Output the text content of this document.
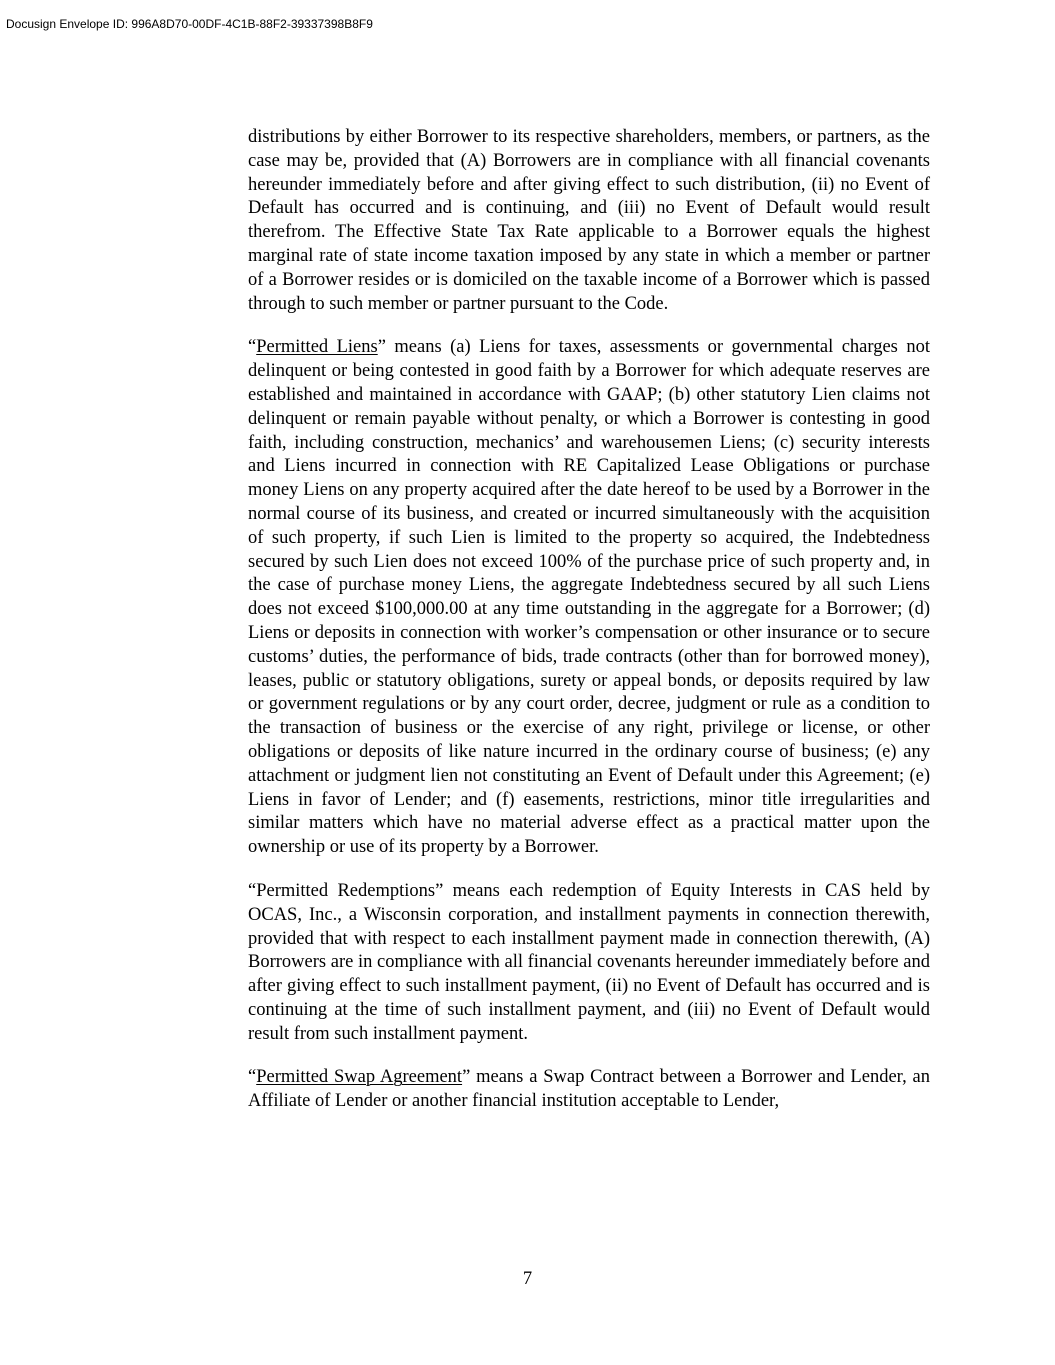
Docusign Envelope ID: 996A8D70-00DF-4C1B-88F2-39337398B8F9

distributions by either Borrower to its respective shareholders, members, or partners, as the case may be, provided that (A) Borrowers are in compliance with all financial covenants hereunder immediately before and after giving effect to such distribution, (ii) no Event of Default has occurred and is continuing, and (iii) no Event of Default would result therefrom. The Effective State Tax Rate applicable to a Borrower equals the highest marginal rate of state income taxation imposed by any state in which a member or partner of a Borrower resides or is domiciled on the taxable income of a Borrower which is passed through to such member or partner pursuant to the Code.

“Permitted Liens” means (a) Liens for taxes, assessments or governmental charges not delinquent or being contested in good faith by a Borrower for which adequate reserves are established and maintained in accordance with GAAP; (b) other statutory Lien claims not delinquent or remain payable without penalty, or which a Borrower is contesting in good faith, including construction, mechanics’ and warehousemen Liens; (c) security interests and Liens incurred in connection with RE Capitalized Lease Obligations or purchase money Liens on any property acquired after the date hereof to be used by a Borrower in the normal course of its business, and created or incurred simultaneously with the acquisition of such property, if such Lien is limited to the property so acquired, the Indebtedness secured by such Lien does not exceed 100% of the purchase price of such property and, in the case of purchase money Liens, the aggregate Indebtedness secured by all such Liens does not exceed $100,000.00 at any time outstanding in the aggregate for a Borrower; (d) Liens or deposits in connection with worker’s compensation or other insurance or to secure customs’ duties, the performance of bids, trade contracts (other than for borrowed money), leases, public or statutory obligations, surety or appeal bonds, or deposits required by law or government regulations or by any court order, decree, judgment or rule as a condition to the transaction of business or the exercise of any right, privilege or license, or other obligations or deposits of like nature incurred in the ordinary course of business; (e) any attachment or judgment lien not constituting an Event of Default under this Agreement; (e) Liens in favor of Lender; and (f) easements, restrictions, minor title irregularities and similar matters which have no material adverse effect as a practical matter upon the ownership or use of its property by a Borrower.

“Permitted Redemptions” means each redemption of Equity Interests in CAS held by OCAS, Inc., a Wisconsin corporation, and installment payments in connection therewith, provided that with respect to each installment payment made in connection therewith, (A) Borrowers are in compliance with all financial covenants hereunder immediately before and after giving effect to such installment payment, (ii) no Event of Default has occurred and is continuing at the time of such installment payment, and (iii) no Event of Default would result from such installment payment.

“Permitted Swap Agreement” means a Swap Contract between a Borrower and Lender, an Affiliate of Lender or another financial institution acceptable to Lender,

7
